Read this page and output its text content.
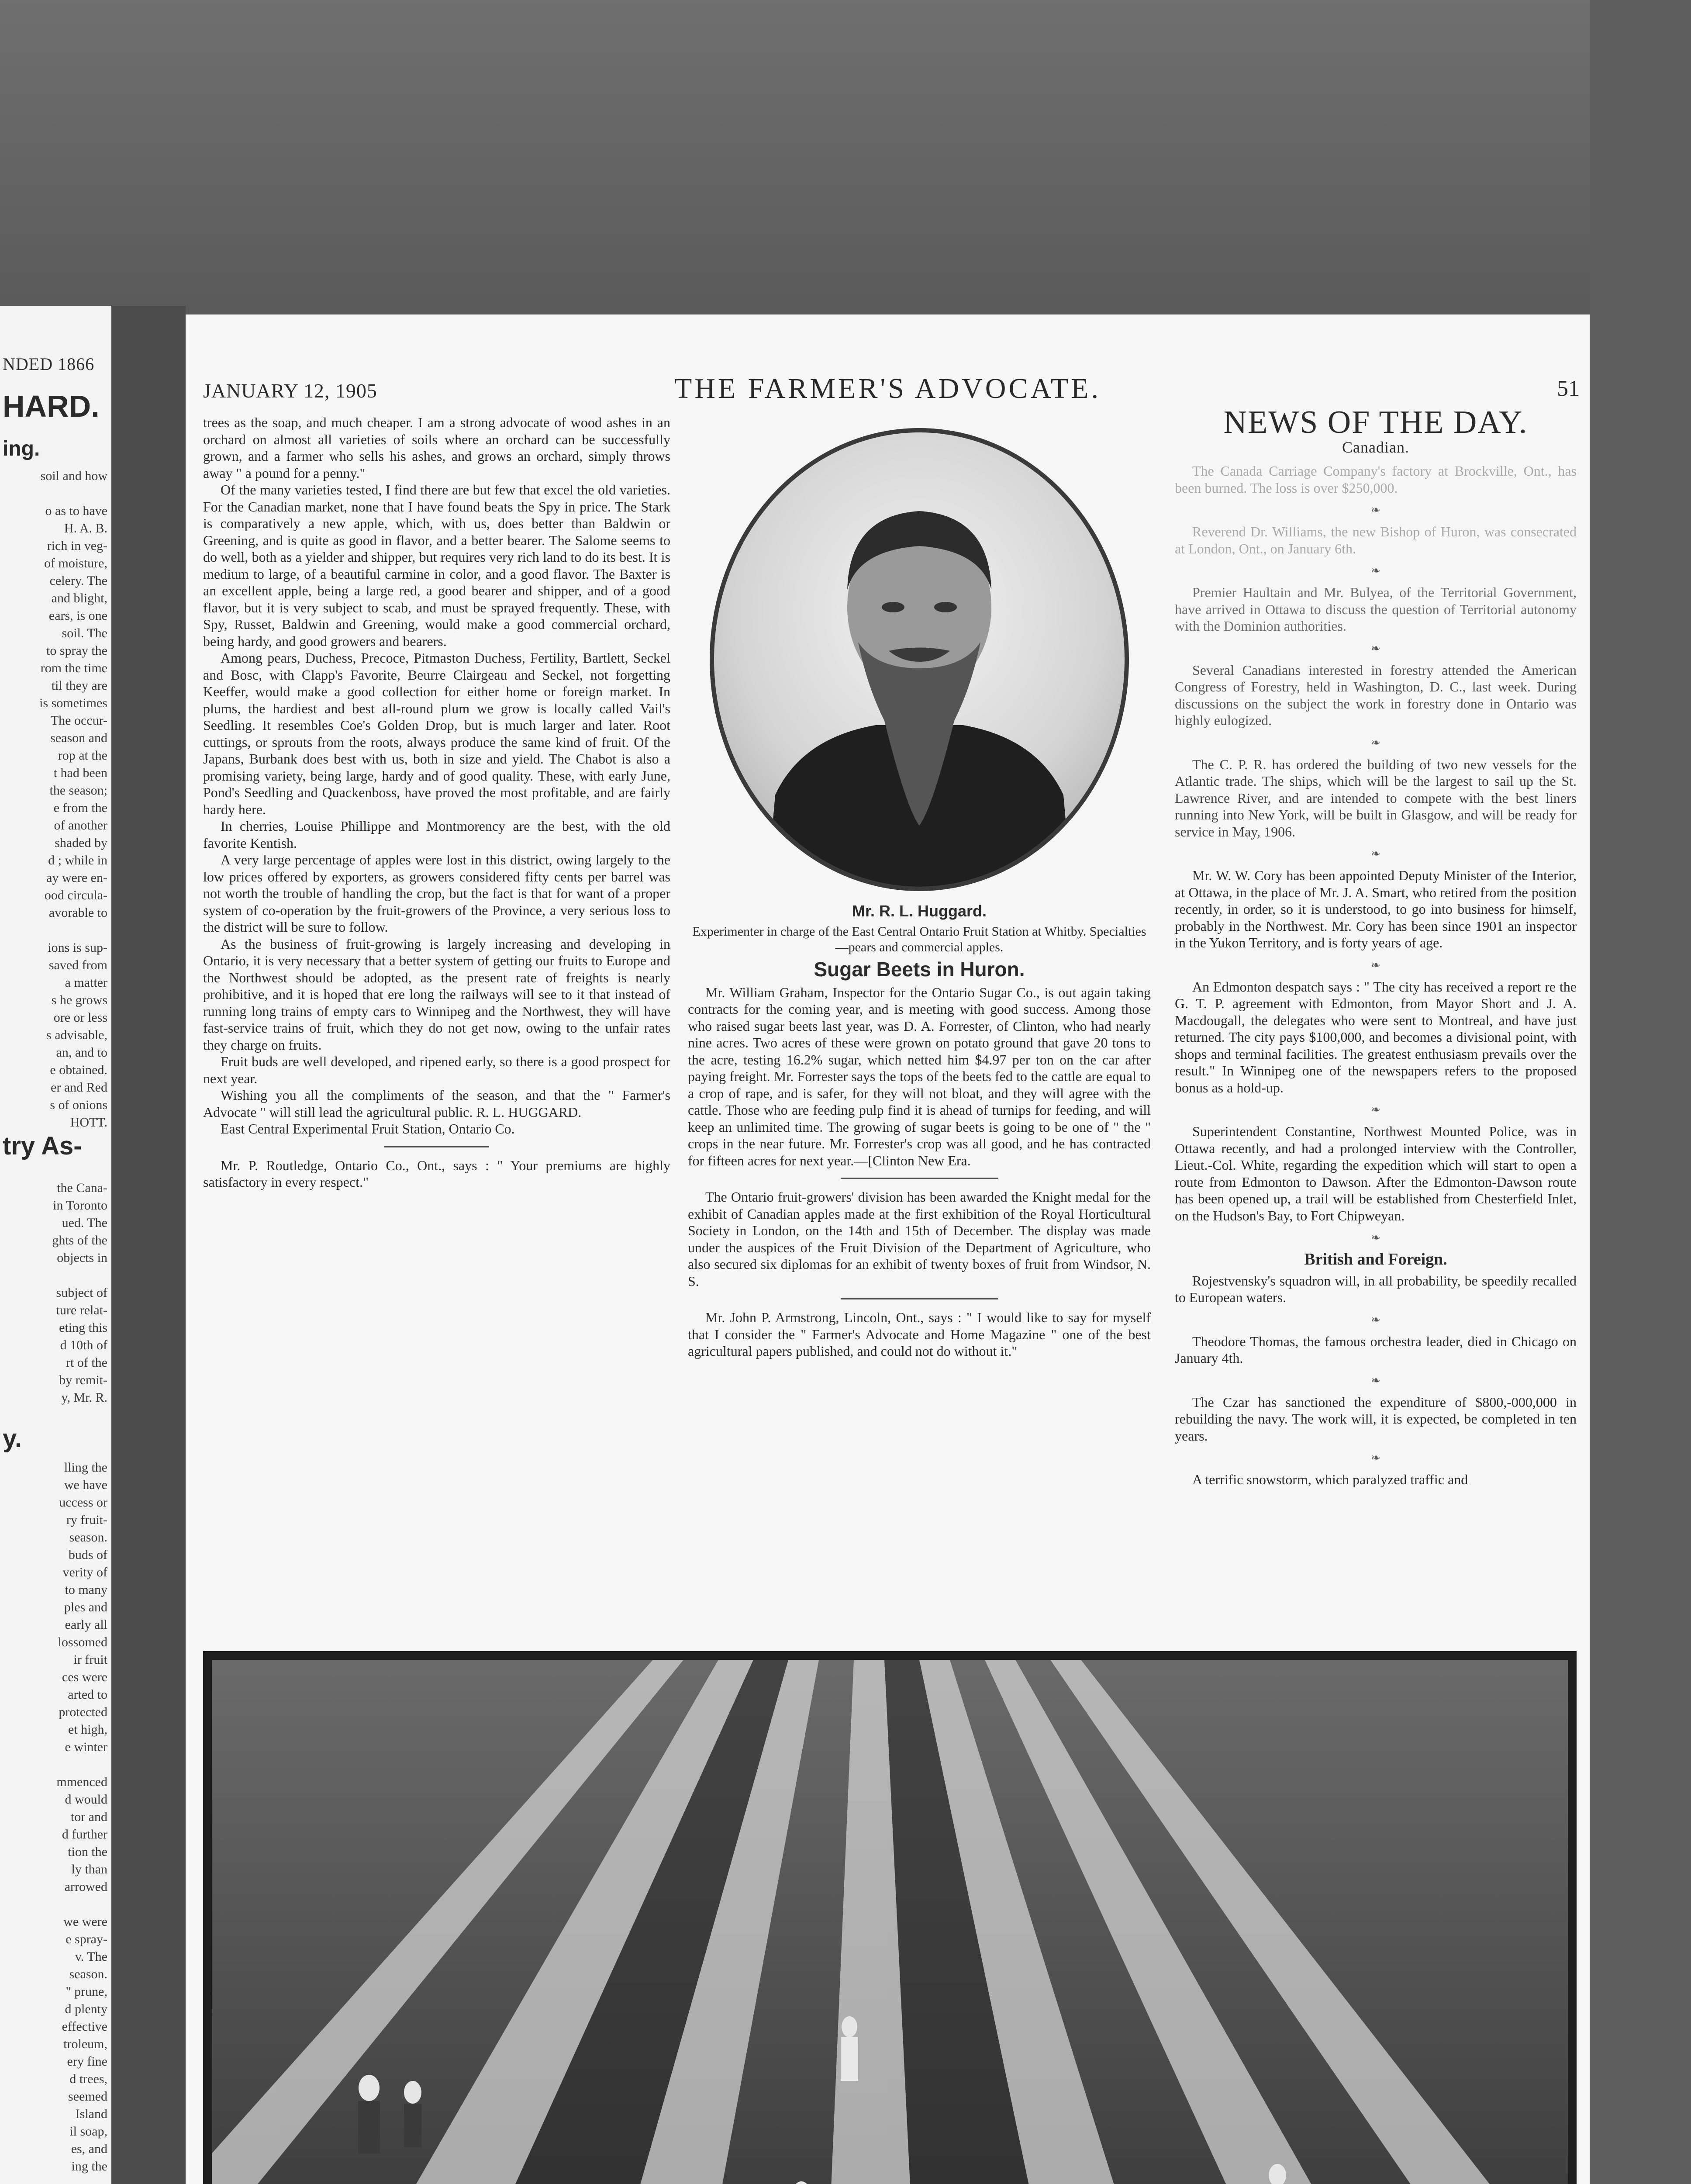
NDED 1866
HARD.
ing.
soil and how

o as to have
H. A. B.
rich in veg-
of moisture,
celery. The
and blight,
ears, is one
soil. The
to spray the
rom the time
til they are
is sometimes
The occur-
season and
rop at the
t had been
the season;
e from the
of another
shaded by
d ; while in
ay were en-
ood circula-
avorable to

ions is sup-
saved from
a matter
s he grows
ore or less
s advisable,
an, and to
e obtained.
er and Red
s of onions
HOTT.
try As-
the Cana-
in Toronto
ued. The
ghts of the
objects in

subject of
ture relat-
eting this
d 10th of
rt of the
by remit-
y, Mr. R.
y.
lling the
we have
uccess or
ry fruit-
season.
buds of
verity of
to many
ples and
early all
lossomed
ir fruit
ces were
arted to
protected
et high,
e winter

mmenced
d would
tor and
d further
tion the
ly than
arrowed

we were
e spray-
v. The
season.
" prune,
d plenty
effective
troleum,
ery fine
d trees,
seemed
Island
il soap,
es, and
ing the
JANUARY 12, 1905	THE FARMER'S ADVOCATE.	51

trees as the soap, and much cheaper. I am a strong advocate of wood ashes in an orchard on almost all varieties of soils where an orchard can be successfully grown, and a farmer who sells his ashes, and grows an orchard, simply throws away " a pound for a penny."

Of the many varieties tested, I find there are but few that excel the old varieties. For the Canadian market, none that I have found beats the Spy in price. The Stark is comparatively a new apple, which, with us, does better than Baldwin or Greening, and is quite as good in flavor, and a better bearer. The Salome seems to do well, both as a yielder and shipper, but requires very rich land to do its best. It is medium to large, of a beautiful carmine in color, and a good flavor. The Baxter is an excellent apple, being a large red, a good bearer and shipper, and of a good flavor, but it is very subject to scab, and must be sprayed frequently. These, with Spy, Russet, Baldwin and Greening, would make a good commercial orchard, being hardy, and good growers and bearers.

Among pears, Duchess, Precoce, Pitmaston Duchess, Fertility, Bartlett, Seckel and Bosc, with Clapp's Favorite, Beurre Clairgeau and Seckel, not forgetting Keeffer, would make a good collection for either home or foreign market. In plums, the hardiest and best all-round plum we grow is locally called Vail's Seedling. It resembles Coe's Golden Drop, but is much larger and later. Root cuttings, or sprouts from the roots, always produce the same kind of fruit. Of the Japans, Burbank does best with us, both in size and yield. The Chabot is also a promising variety, being large, hardy and of good quality. These, with early June, Pond's Seedling and Quackenboss, have proved the most profitable, and are fairly hardy here.

In cherries, Louise Phillippe and Montmorency are the best, with the old favorite Kentish.

A very large percentage of apples were lost in this district, owing largely to the low prices offered by exporters, as growers considered fifty cents per barrel was not worth the trouble of handling the crop, but the fact is that for want of a proper system of co-operation by the fruit-growers of the Province, a very serious loss to the district will be sure to follow.

As the business of fruit-growing is largely increasing and developing in Ontario, it is very necessary that a better system of getting our fruits to Europe and the Northwest should be adopted, as the present rate of freights is nearly prohibitive, and it is hoped that ere long the railways will see to it that instead of running long trains of empty cars to Winnipeg and the Northwest, they will have fast-service trains of fruit, which they do not get now, owing to the unfair rates they charge on fruits.

Fruit buds are well developed, and ripened early, so there is a good prospect for next year.

Wishing you all the compliments of the season, and that the " Farmer's Advocate " will still lead the agricultural public. R. L. HUGGARD.

East Central Experimental Fruit Station, Ontario Co.

Mr. P. Routledge, Ontario Co., Ont., says : " Your premiums are highly satisfactory in every respect."

Mr. R. L. Huggard.
Experimenter in charge of the East Central Ontario Fruit Station at Whitby. Specialties—pears and commercial apples.
Sugar Beets in Huron.

Mr. William Graham, Inspector for the Ontario Sugar Co., is out again taking contracts for the coming year, and is meeting with good success. Among those who raised sugar beets last year, was D. A. Forrester, of Clinton, who had nearly nine acres. Two acres of these were grown on potato ground that gave 20 tons to the acre, testing 16.2% sugar, which netted him $4.97 per ton on the car after paying freight. Mr. Forrester says the tops of the beets fed to the cattle are equal to a crop of rape, and is safer, for they will not bloat, and they will agree with the cattle. Those who are feeding pulp find it is ahead of turnips for feeding, and will keep an unlimited time. The growing of sugar beets is going to be one of " the " crops in the near future. Mr. Forrester's crop was all good, and he has contracted for fifteen acres for next year.—[Clinton New Era.

The Ontario fruit-growers' division has been awarded the Knight medal for the exhibit of Canadian apples made at the first exhibition of the Royal Horticultural Society in London, on the 14th and 15th of December. The display was made under the auspices of the Fruit Division of the Department of Agriculture, who also secured six diplomas for an exhibit of twenty boxes of fruit from Windsor, N. S.

Mr. John P. Armstrong, Lincoln, Ont., says : " I would like to say for myself that I consider the " Farmer's Advocate and Home Magazine " one of the best agricultural papers published, and could not do without it."

NEWS OF THE DAY.
Canadian.

The Canada Carriage Company's factory at Brockville, Ont., has been burned. The loss is over $250,000.

❧

Reverend Dr. Williams, the new Bishop of Huron, was consecrated at London, Ont., on January 6th.

❧

Premier Haultain and Mr. Bulyea, of the Territorial Government, have arrived in Ottawa to discuss the question of Territorial autonomy with the Dominion authorities.

❧

Several Canadians interested in forestry attended the American Congress of Forestry, held in Washington, D. C., last week. During discussions on the subject the work in forestry done in Ontario was highly eulogized.

❧

The C. P. R. has ordered the building of two new vessels for the Atlantic trade. The ships, which will be the largest to sail up the St. Lawrence River, and are intended to compete with the best liners running into New York, will be built in Glasgow, and will be ready for service in May, 1906.

❧

Mr. W. W. Cory has been appointed Deputy Minister of the Interior, at Ottawa, in the place of Mr. J. A. Smart, who retired from the position recently, in order, so it is understood, to go into business for himself, probably in the Northwest. Mr. Cory has been since 1901 an inspector in the Yukon Territory, and is forty years of age.

❧

An Edmonton despatch says : " The city has received a report re the G. T. P. agreement with Edmonton, from Mayor Short and J. A. Macdougall, the delegates who were sent to Montreal, and have just returned. The city pays $100,000, and becomes a divisional point, with shops and terminal facilities. The greatest enthusiasm prevails over the result." In Winnipeg one of the newspapers refers to the proposed bonus as a hold-up.

❧

Superintendent Constantine, Northwest Mounted Police, was in Ottawa recently, and had a prolonged interview with the Controller, Lieut.-Col. White, regarding the expedition which will start to open a route from Edmonton to Dawson. After the Edmonton-Dawson route has been opened up, a trail will be established from Chesterfield Inlet, on the Hudson's Bay, to Fort Chipweyan.

❧
British and Foreign.

Rojestvensky's squadron will, in all probability, be speedily recalled to European waters.

❧

Theodore Thomas, the famous orchestra leader, died in Chicago on January 4th.

❧

The Czar has sanctioned the expenditure of $800,-000,000 in rebuilding the navy. The work will, it is expected, be completed in ten years.

❧

A terrific snowstorm, which paralyzed traffic and
